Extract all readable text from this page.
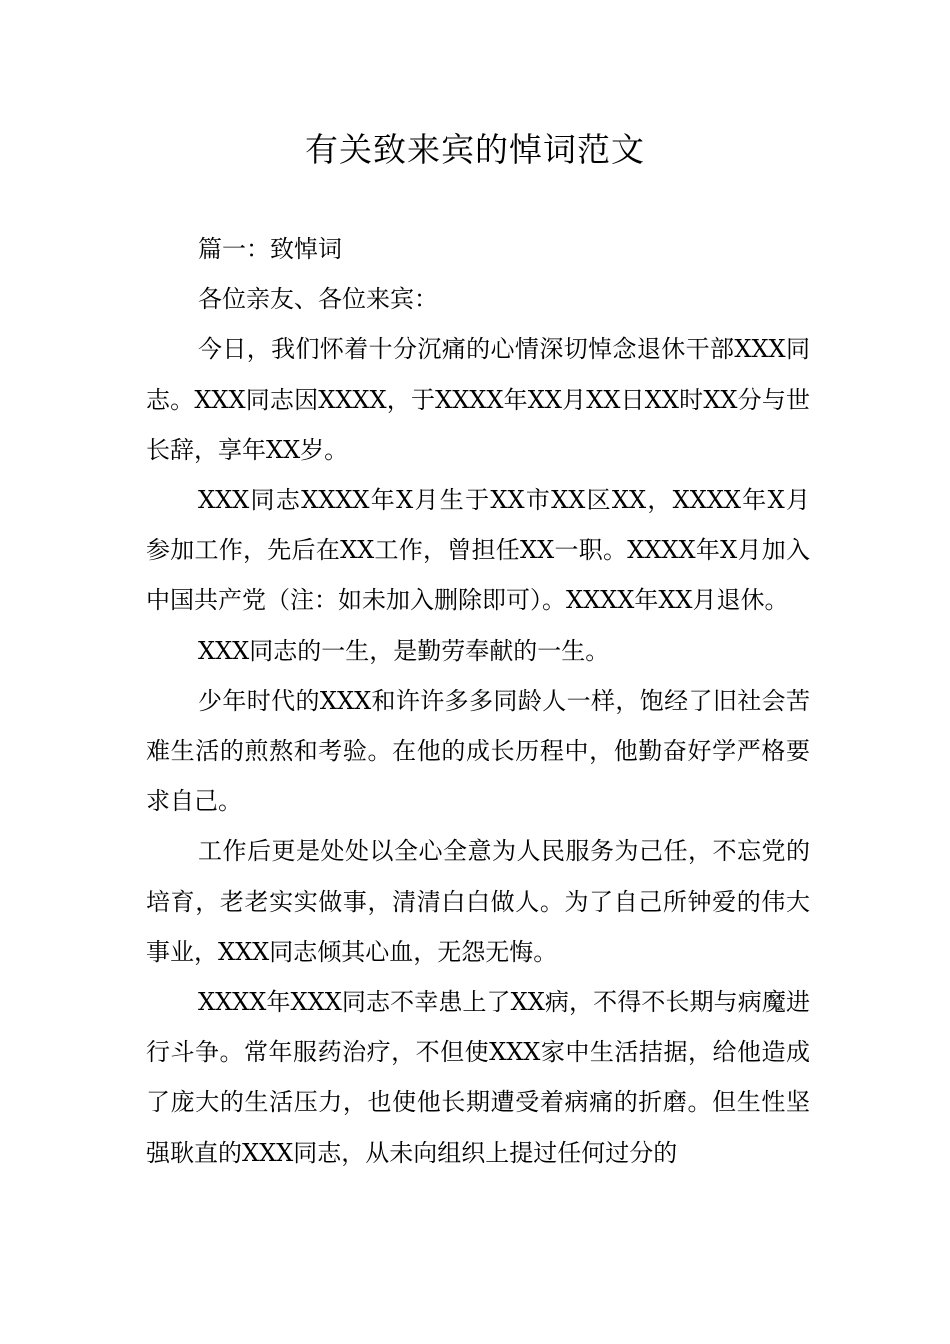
有关致来宾的悼词范文

篇一：致悼词

各位亲友、各位来宾：

今日，我们怀着十分沉痛的心情深切悼念退休干部XXX同志。XXX同志因XXXX，于XXXX年XX月XX日XX时XX分与世长辞，享年XX岁。

XXX同志XXXX年X月生于XX市XX区XX，XXXX年X月参加工作，先后在XX工作，曾担任XX一职。XXXX年X月加入中国共产党（注：如未加入删除即可）。XXXX年XX月退休。

XXX同志的一生，是勤劳奉献的一生。

少年时代的XXX和许许多多同龄人一样，饱经了旧社会苦难生活的煎熬和考验。在他的成长历程中，他勤奋好学严格要求自己。

工作后更是处处以全心全意为人民服务为己任，不忘党的培育，老老实实做事，清清白白做人。为了自己所钟爱的伟大事业，XXX同志倾其心血，无怨无悔。

XXXX年XXX同志不幸患上了XX病，不得不长期与病魔进行斗争。常年服药治疗，不但使XXX家中生活拮据，给他造成了庞大的生活压力，也使他长期遭受着病痛的折磨。但生性坚强耿直的XXX同志，从未向组织上提过任何过分的
